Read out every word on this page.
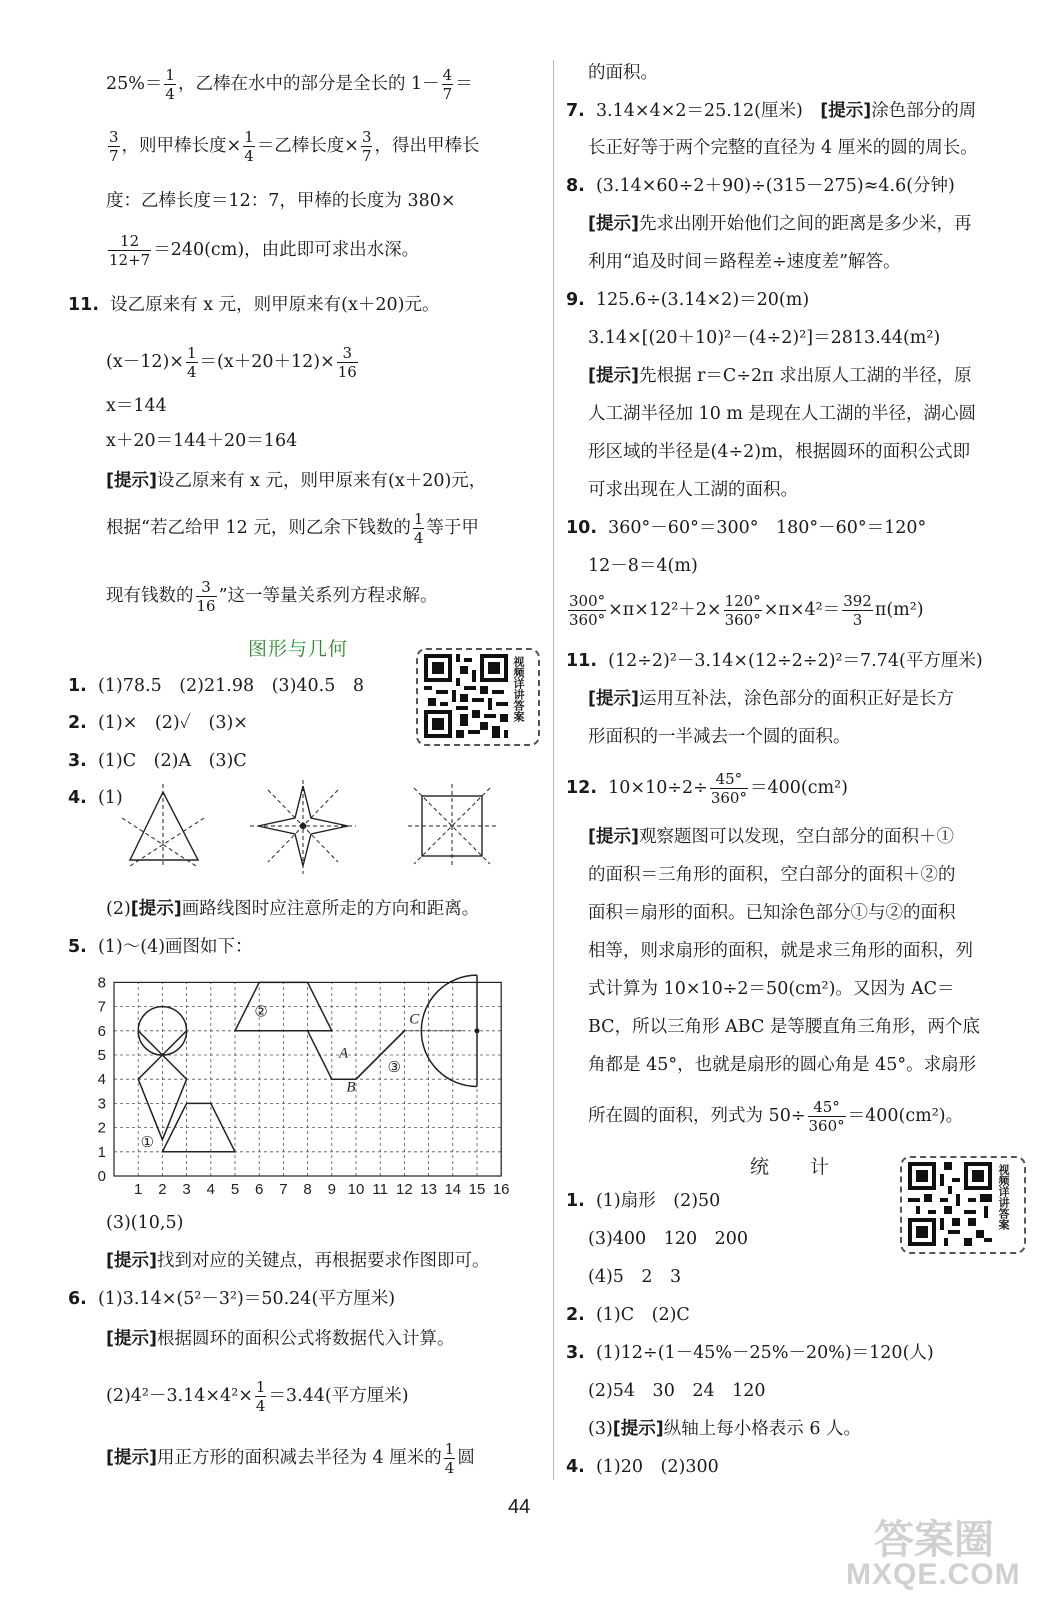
$25\%= \frac{1}{4}$ ，乙棒在水中的部分是全长的 $1- \frac{4}{7}$ ＝
$\frac{3}{7}$ ，则甲棒长度× $\frac{1}{4}$ ＝乙棒长度× $\frac{3}{7}$ ，得出甲棒长
度：乙棒长度＝12：7，甲棒的长度为 380×
$\frac{12}{12+7} =240(cm)$，由此即可求出水深。
11. 设乙原来有 x 元，则甲原来有(x＋20)元。
$(x-12)\times \frac{1}{4} =(x+20+12)\times \frac{3}{16}$
x＝144
x＋20＝144＋20＝164
[提示]设乙原来有 x 元，则甲原来有(x＋20)元，
根据“若乙给甲 12 元，则乙余下钱数的 $\frac{1}{4}$ 等于甲
现有钱数的 $\frac{3}{16}$ ”这一等量关系列方程求解。
图形与几何
视频详讲答案
1. (1)78.5　(2)21.98　(3)40.5　8
2. (1)×　(2)✓　(3)×
3. (1)C　(2)A　(3)C
4. (1)
(2)[提示]画路线图时应注意所走的方向和距离。
5. (1)～(4)画图如下：
1 2 3 4 5 6 7 8 9 10 11 12 13 14 15 16
1
2
3
4
5
6
7
8
0
①
②
③
A
B
C
(3)(10,5)
[提示]找到对应的关键点，再根据要求作图即可。
6. (1)3.14×(5²－3²)＝50.24(平方厘米)
[提示]根据圆环的面积公式将数据代入计算。
$(2)4^2-3.14\times 4^2\times \frac{1}{4} =3.44$(平方厘米)
[提示]用正方形的面积减去半径为 4 厘米的 $\frac{1}{4}$ 圆
的面积。
7. 3.14×4×2＝25.12(厘米)　[提示]涂色部分的周
长正好等于两个完整的直径为 4 厘米的圆的周长。
8. (3.14×60÷2＋90)÷(315－275)≈4.6(分钟)
[提示]先求出刚开始他们之间的距离是多少米，再
利用“追及时间＝路程差÷速度差”解答。
9. 125.6÷(3.14×2)＝20(m)
3.14×[(20＋10)²－(4÷2)²]＝2813.44(m²)
[提示]先根据 r＝C÷2π 求出原人工湖的半径，原
人工湖半径加 10 m 是现在人工湖的半径，湖心圆
形区域的半径是(4÷2)m，根据圆环的面积公式即
可求出现在人工湖的面积。
10. 360°－60°＝300°　180°－60°＝120°
12－8＝4(m)
$\frac{300^\circ}{360^\circ} \times\pi\times 12^2+2\times \frac{120^\circ}{360^\circ} \times\pi\times 4^2= \frac{392}{3} \pi(m^2)$
11. (12÷2)²－3.14×(12÷2÷2)²＝7.74(平方厘米)
[提示]运用互补法，涂色部分的面积正好是长方
形面积的一半减去一个圆的面积。
12. $10\times 10\div 2\div \frac{45^\circ}{360^\circ} =400(cm^2)$
[提示]观察题图可以发现，空白部分的面积＋①
的面积＝三角形的面积，空白部分的面积＋②的
面积＝扇形的面积。已知涂色部分①与②的面积
相等，则求扇形的面积，就是求三角形的面积，列
式计算为 10×10÷2＝50(cm²)。又因为 AC＝
BC，所以三角形 ABC 是等腰直角三角形，两个底
角都是 45°，也就是扇形的圆心角是 45°。求扇形
所在圆的面积，列式为 $50\div \frac{45^\circ}{360^\circ} =400(cm^2)$。
统　　计	视频详讲答案
1. (1)扇形　(2)50
(3)400　120　200
(4)5　2　3
2. (1)C　(2)C
3. (1)12÷(1－45%－25%－20%)＝120(人)
(2)54　30　24　120
(3)[提示]纵轴上每小格表示 6 人。
4. (1)20　(2)300
44
答案圈
MXQE.COM
